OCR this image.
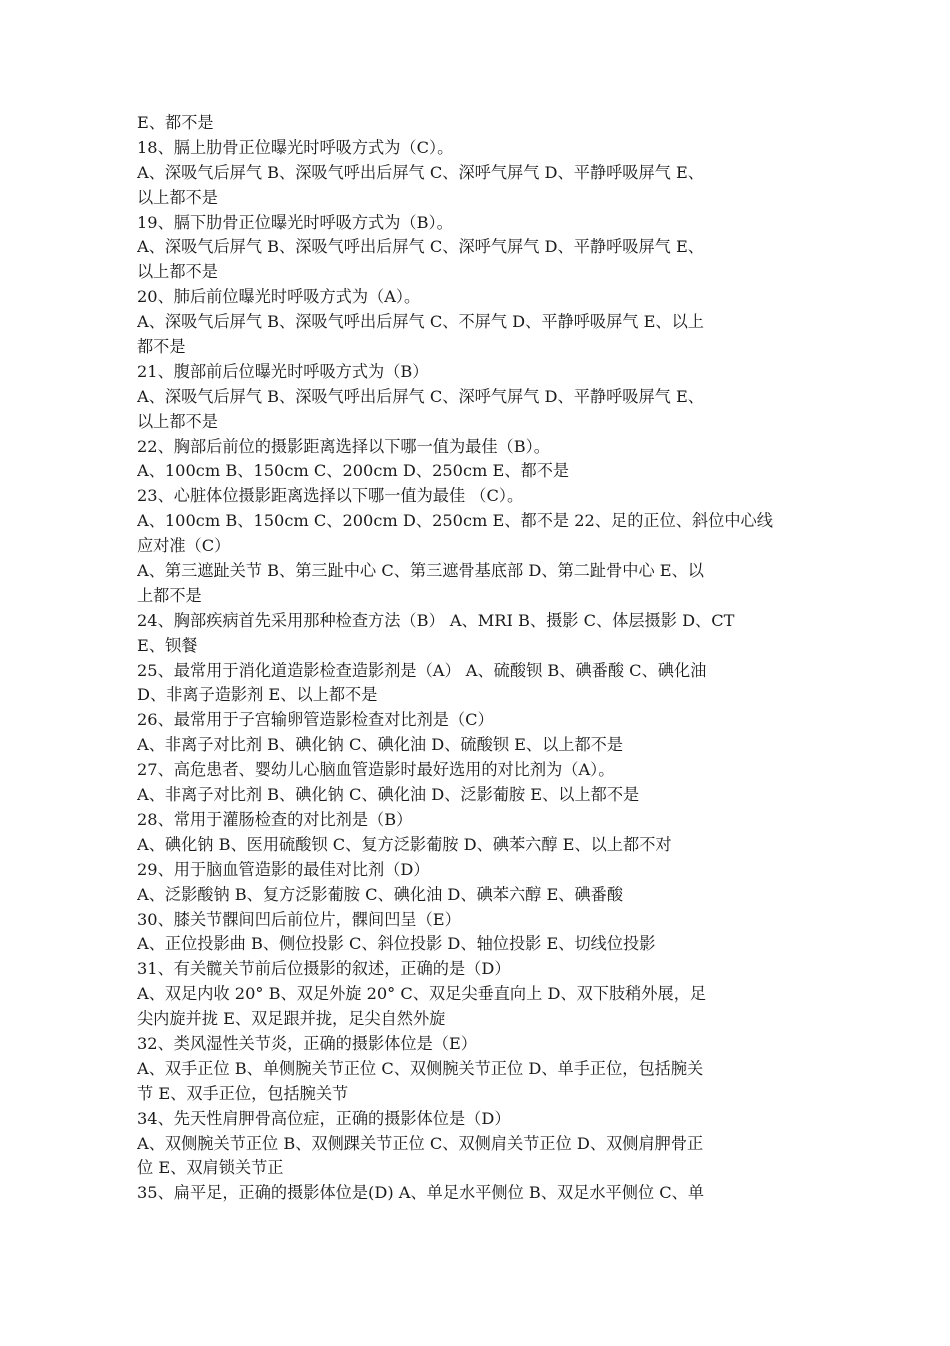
E、都不是
18、膈上肋骨正位曝光时呼吸方式为（C）。
A、深吸气后屏气 B、深吸气呼出后屏气 C、深呼气屏气 D、平静呼吸屏气 E、
以上都不是
19、膈下肋骨正位曝光时呼吸方式为（B）。
A、深吸气后屏气 B、深吸气呼出后屏气 C、深呼气屏气 D、平静呼吸屏气 E、
以上都不是
20、肺后前位曝光时呼吸方式为（A）。
A、深吸气后屏气 B、深吸气呼出后屏气 C、不屏气 D、平静呼吸屏气 E、以上
都不是
21、腹部前后位曝光时呼吸方式为（B）
A、深吸气后屏气 B、深吸气呼出后屏气 C、深呼气屏气 D、平静呼吸屏气 E、
以上都不是
22、胸部后前位的摄影距离选择以下哪一值为最佳（B）。
A、100cm B、150cm C、200cm D、250cm E、都不是
23、心脏体位摄影距离选择以下哪一值为最佳 （C）。
A、100cm B、150cm C、200cm D、250cm E、都不是 22、足的正位、斜位中心线
应对准（C）
A、第三遮趾关节 B、第三趾中心 C、第三遮骨基底部 D、第二趾骨中心 E、以
上都不是
24、胸部疾病首先采用那种检查方法（B） A、MRI B、摄影 C、体层摄影 D、CT
E、钡餐
25、最常用于消化道造影检查造影剂是（A） A、硫酸钡 B、碘番酸 C、碘化油
D、非离子造影剂 E、以上都不是
26、最常用于子宫输卵管造影检查对比剂是（C）
A、非离子对比剂 B、碘化钠 C、碘化油 D、硫酸钡 E、以上都不是
27、高危患者、婴幼儿心脑血管造影时最好选用的对比剂为（A）。
A、非离子对比剂 B、碘化钠 C、碘化油 D、泛影葡胺 E、以上都不是
28、常用于灌肠检查的对比剂是（B）
A、碘化钠 B、医用硫酸钡 C、复方泛影葡胺 D、碘苯六醇 E、以上都不对
29、用于脑血管造影的最佳对比剂（D）
A、泛影酸钠 B、复方泛影葡胺 C、碘化油 D、碘苯六醇 E、碘番酸
30、膝关节髁间凹后前位片，髁间凹呈（E）
A、正位投影曲 B、侧位投影 C、斜位投影 D、轴位投影 E、切线位投影
31、有关髋关节前后位摄影的叙述，正确的是（D）
A、双足内收 20° B、双足外旋 20° C、双足尖垂直向上 D、双下肢稍外展，足
尖内旋并拢 E、双足跟并拢，足尖自然外旋
32、类风湿性关节炎，正确的摄影体位是（E）
A、双手正位 B、单侧腕关节正位 C、双侧腕关节正位 D、单手正位，包括腕关
节 E、双手正位，包括腕关节
34、先天性肩胛骨高位症，正确的摄影体位是（D）
A、双侧腕关节正位 B、双侧踝关节正位 C、双侧肩关节正位 D、双侧肩胛骨正
位 E、双肩锁关节正
35、扁平足，正确的摄影体位是(D) A、单足水平侧位 B、双足水平侧位 C、单
